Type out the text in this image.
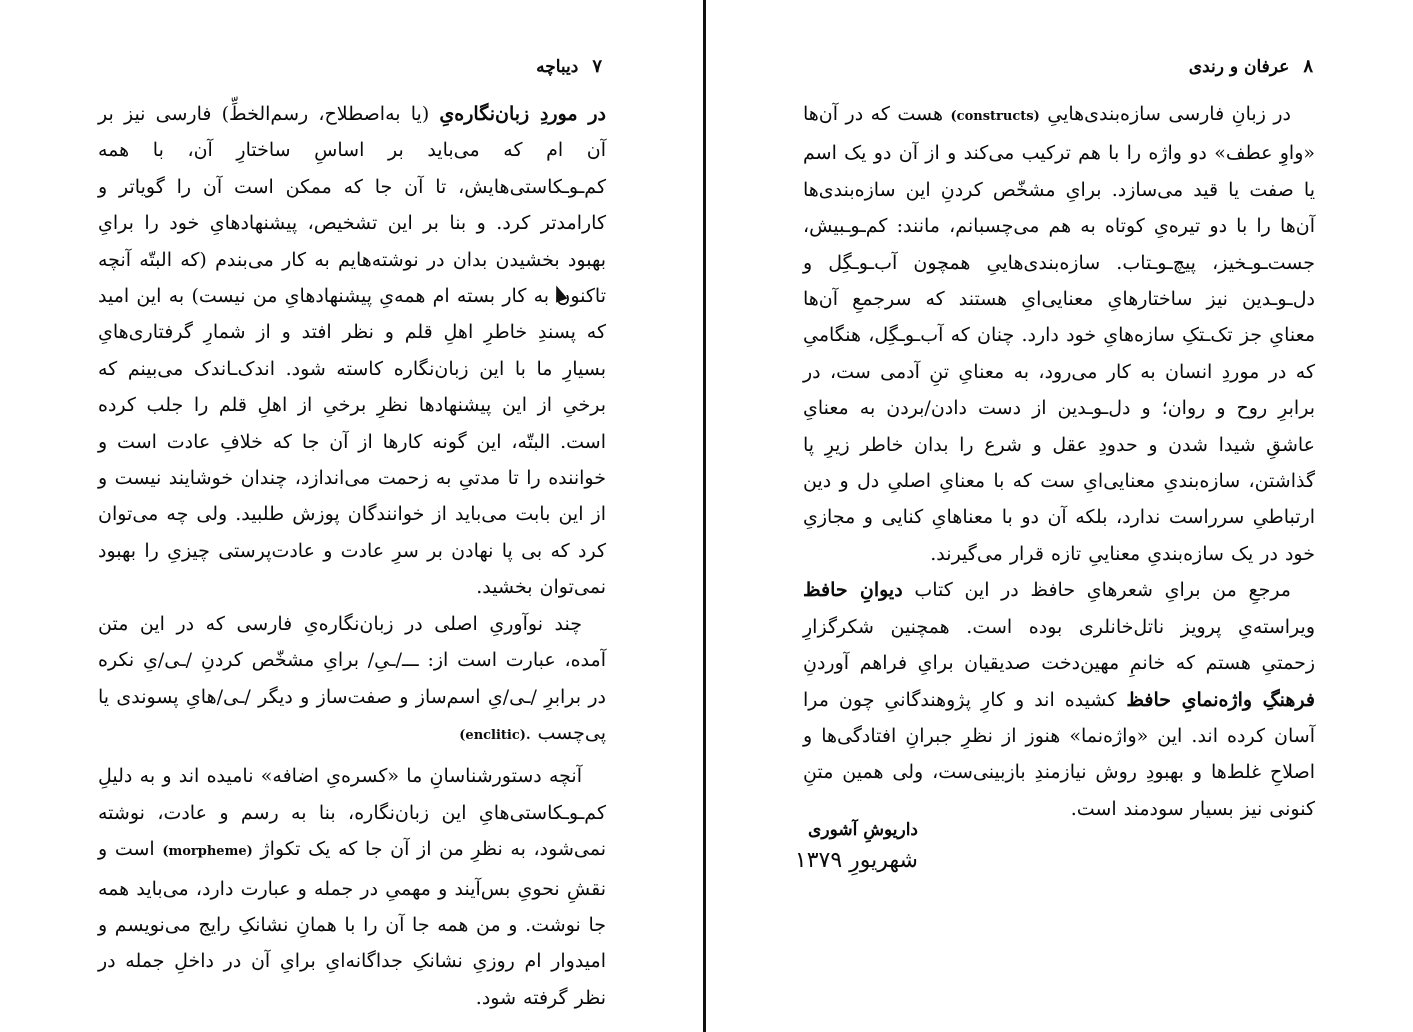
۷دیباچه

در موردِ زبان‌نگاره‌یِ (یا به‌اصطلاح، رسم‌الخطِّ) فارسی نیز بر آن ام که می‌باید بر اساسِ ساختارِ آن، با همه کم‌ـو‌ـکاستی‌هایش، تا آن جا که ممکن است آن را گویاتر و کارامدتر کرد. و بنا بر این تشخیص، پیشنهادهایِ خود را برایِ بهبود بخشیدن بدان در نوشته‌هایم به کار می‌بندم (که البتّه آنچه تاکنون به کار بسته ام همه‌یِ پیشنهادهایِ من نیست) به این امید که پسندِ خاطرِ اهلِ قلم و نظر افتد و از شمارِ گرفتاری‌هایِ بسیارِ ما با این زبان‌نگاره کاسته شود. اندک‌ـاندک می‌بینم که برخیِ از این پیشنهادها نظرِ برخیِ از اهلِ قلم را جلب کرده است. البتّه، این گونه کارها از آن جا که خلافِ عادت است و خواننده را تا مدتیِ به زحمت می‌اندازد، چندان خوشایند نیست و از این بابت می‌باید از خوانندگان پوزش طلبید. ولی چه می‌توان کرد که بی پا نهادن بر سرِ عادت و عادت‌پرستی چیزیِ را بهبود نمی‌توان بخشید.

چند نوآوریِ اصلی در زبان‌نگاره‌یِ فارسی که در این متن آمده، عبارت است از: ـــ/ـیِ/ برایِ مشخّص کردنِ /ـی/یِ نکره در برابرِ /ـی/یِ اسم‌ساز و صفت‌ساز و دیگر /ـی/هایِ پسوندی یا پی‌چسب (enclitic).

آنچه دستورشناسانِ ما «کسره‌یِ اضافه» نامیده اند و به دلیلِ کم‌ـو‌ـکاستی‌هایِ این زبان‌نگاره، بنا به رسم و عادت، نوشته نمی‌شود، به نظرِ من از آن جا که یک تکواژ (morpheme) است و نقشِ نحویِ بس‌آیند و مهمیِ در جمله و عبارت دارد، می‌باید همه جا نوشت. و من همه جا آن را با همانِ نشانکِ رایج می‌نویسم و امیدوار ام روزیِ نشانکِ جداگانه‌ایِ برایِ آن در داخلِ جمله در نظر گرفته شود.

۸عرفان و رندی

در زبانِ فارسی سازه‌بندی‌هاییِ (constructs) هست که در آن‌ها «واوِ عطف» دو واژه را با هم ترکیب می‌کند و از آن دو یک اسم یا صفت یا قید می‌سازد. برایِ مشخّص کردنِ این سازه‌بندی‌ها آن‌ها را با دو تیره‌یِ کوتاه به هم می‌چسبانم، مانند: کم‌ـو‌ـبیش، جست‌ـو‌ـخیز، پیچ‌ـو‌ـتاب. سازه‌بندی‌هاییِ همچون آب‌ـو‌ـگِل و دل‌ـو‌ـدین نیز ساختارهایِ معنایی‌ایِ هستند که سرجمعِ آن‌ها معنایِ جز تک‌ـتکِ سازه‌هایِ خود دارد. چنان که آب‌ـو‌ـگِل، هنگامیِ که در موردِ انسان به کار می‌رود، به معنایِ تنِ آدمی ست، در برابرِ روح و روان؛ و دل‌ـو‌ـدین از دست دادن/بردن به معنایِ عاشقِ شیدا شدن و حدودِ عقل و شرع را بدان خاطر زیرِ پا گذاشتن، سازه‌بندیِ معنایی‌ایِ ست که با معنایِ اصلیِ دل و دین ارتباطیِ سرراست ندارد، بلکه آن دو با معناهایِ کنایی و مجازیِ خود در یک سازه‌بندیِ معناییِ تازه قرار می‌گیرند.

مرجعِ من برایِ شعرهایِ حافظ در این کتاب دیوانِ حافظ ویراسته‌یِ پرویز ناتل‌خانلری بوده است. همچنین شکرگزارِ زحمتیِ هستم که خانمِ مهین‌دخت صدیقیان برایِ فراهم آوردنِ فرهنگِ واژه‌نمایِ حافظ کشیده اند و کارِ پژوهندگانیِ چون مرا آسان کرده اند. این «واژه‌نما» هنوز از نظرِ جبرانِ افتادگی‌ها و اصلاحِ غلط‌ها و بهبودِ روش نیازمندِ بازبینی‌ست، ولی همین متنِ کنونی نیز بسیار سودمند است.

داریوشِ آشوری
شهریورِ ۱۳۷۹
